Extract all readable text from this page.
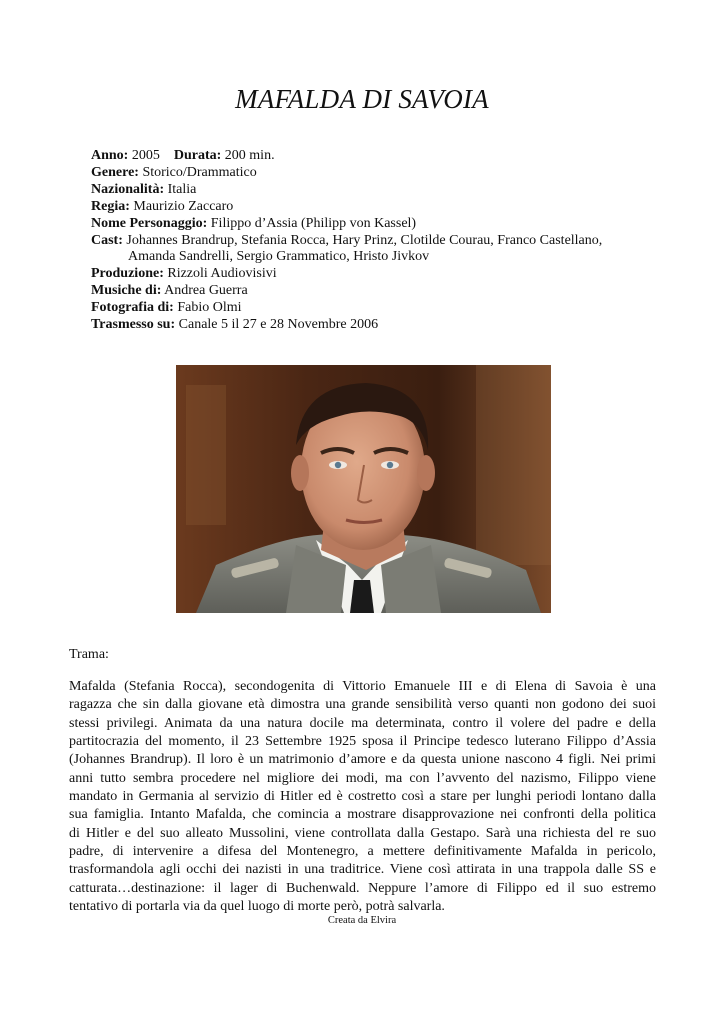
MAFALDA DI SAVOIA
Anno: 2005 Durata: 200 min.
Genere: Storico/Drammatico
Nazionalità: Italia
Regia: Maurizio Zaccaro
Nome Personaggio: Filippo d’Assia (Philipp von Kassel)
Cast: Johannes Brandrup, Stefania Rocca, Hary Prinz, Clotilde Courau, Franco Castellano,
Amanda Sandrelli, Sergio Grammatico, Hristo Jivkov
Produzione: Rizzoli Audiovisivi
Musiche di: Andrea Guerra
Fotografia di: Fabio Olmi
Trasmesso su: Canale 5 il 27 e 28 Novembre 2006
Trama:
Mafalda (Stefania Rocca), secondogenita di Vittorio Emanuele III e di Elena di Savoia è una
ragazza che sin dalla giovane età dimostra una grande sensibilità verso quanti non godono dei suoi
stessi privilegi. Animata da una natura docile ma determinata, contro il volere del padre e della
partitocrazia del momento, il 23 Settembre 1925 sposa il Principe tedesco luterano Filippo d’Assia
(Johannes Brandrup). Il loro è un matrimonio d’amore e da questa unione nascono 4 figli. Nei primi
anni tutto sembra procedere nel migliore dei modi, ma con l’avvento del nazismo, Filippo viene
mandato in Germania al servizio di Hitler ed è costretto così a stare per lunghi periodi lontano dalla
sua famiglia. Intanto Mafalda, che comincia a mostrare disapprovazione nei confronti della politica
di Hitler e del suo alleato Mussolini, viene controllata dalla Gestapo. Sarà una richiesta del re suo
padre, di intervenire a difesa del Montenegro, a mettere definitivamente Mafalda in pericolo,
trasformandola agli occhi dei nazisti in una traditrice. Viene così attirata in una trappola dalle SS e
catturata…destinazione: il lager di Buchenwald. Neppure l’amore di Filippo ed il suo estremo
tentativo di portarla via da quel luogo di morte però, potrà salvarla.
Creata da Elvira
